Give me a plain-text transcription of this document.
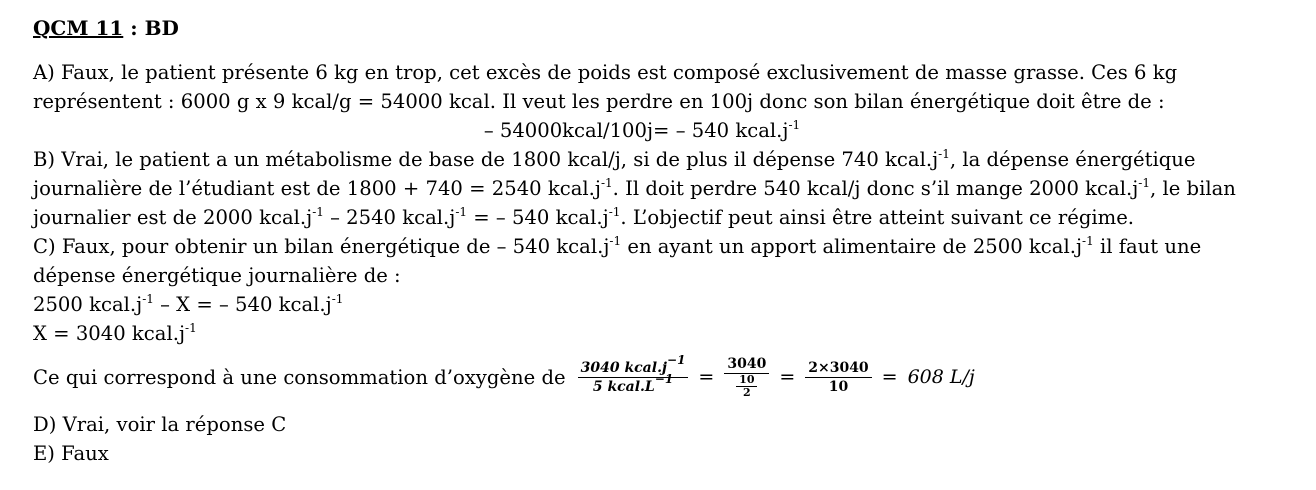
QCM 11 : BD
A) Faux, le patient présente 6 kg en trop, cet excès de poids est composé exclusivement de masse grasse. Ces 6 kg
représentent : 6000 g x 9 kcal/g = 54000 kcal. Il veut les perdre en 100j donc son bilan énergétique doit être de :
– 54000kcal/100j= – 540 $kcal.j^{-1}$
B) Vrai, le patient a un métabolisme de base de 1800 kcal/j, si de plus il dépense 740 $kcal.j^{-1}$, la dépense énergétique
journalière de l’étudiant est de 1800 + 740 = 2540 $kcal.j^{-1}$. Il doit perdre 540 kcal/j donc s’il mange 2000 $kcal.j^{-1}$, le bilan
journalier est de 2000 $kcal.j^{-1} - 2540$ $kcal.j^{-1}$ = – 540 $kcal.j^{-1}$. L’objectif peut ainsi être atteint suivant ce régime.
C) Faux, pour obtenir un bilan énergétique de – 540 $kcal.j^{-1}$ en ayant un apport alimentaire de 2500 $kcal.j^{-1}$ il faut une
dépense énergétique journalière de :
2500 $kcal.j^{-1}$ – X = – 540 $kcal.j^{-1}$
X = 3040 $kcal.j^{-1}$
Ce qui correspond à une consommation d’oxygène de $\frac{3040 kcal.j^{-1}}{5 kcal.L^{-1}} = \frac{3040}{\frac{10}{2}} = \frac{2\times 3040}{10} = 608$ L/j
D) Vrai, voir la réponse C
E) Faux
